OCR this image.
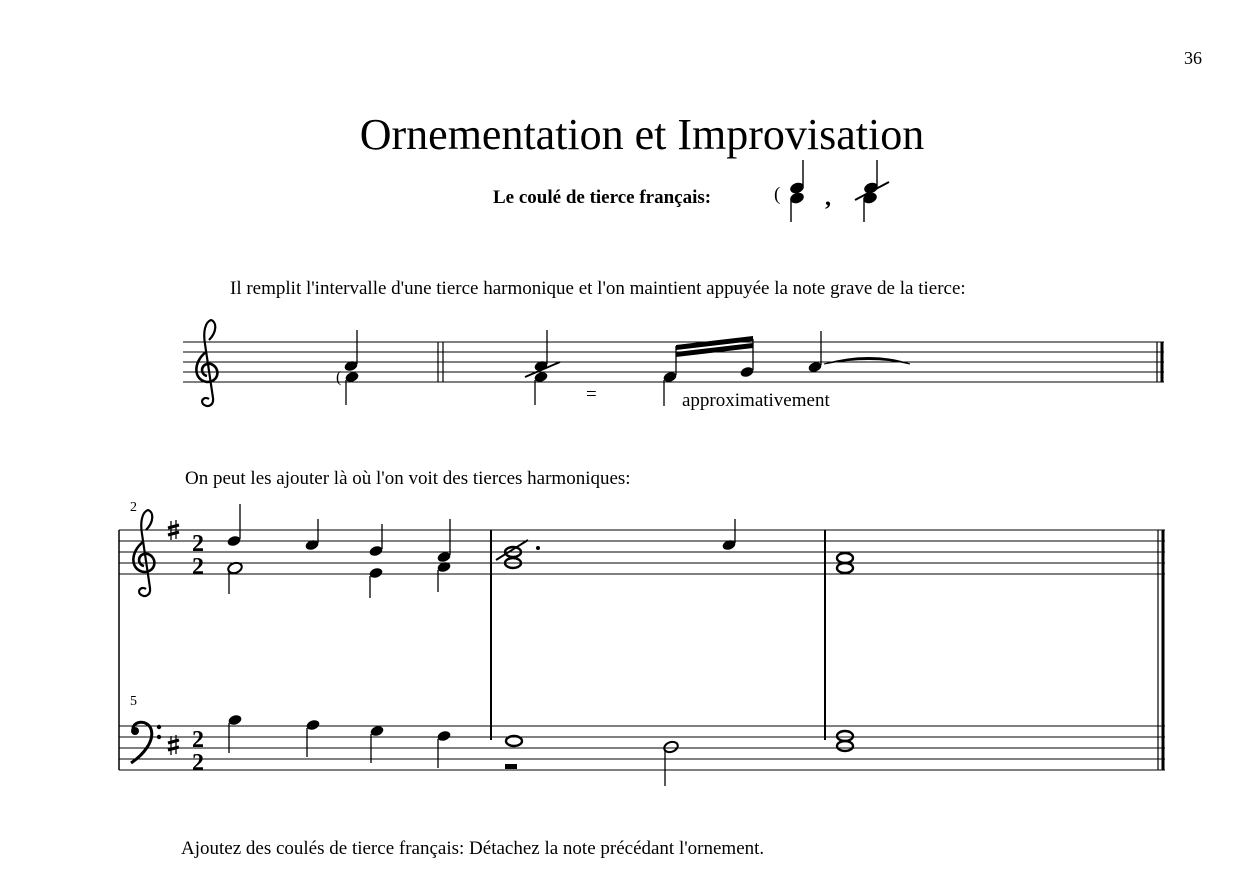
36
Ornementation et Improvisation
Le coulé de tierce français:
Il remplit l'intervalle d'une tierce harmonique et l'on maintient appuyée la note grave de la tierce:
=	approximativement
On peut les ajouter là où l'on voit des tierces harmoniques:
2
5
Ajoutez des coulés de tierce français: Détachez la note précédant l'ornement.
( ,
(
2
2
2
2
